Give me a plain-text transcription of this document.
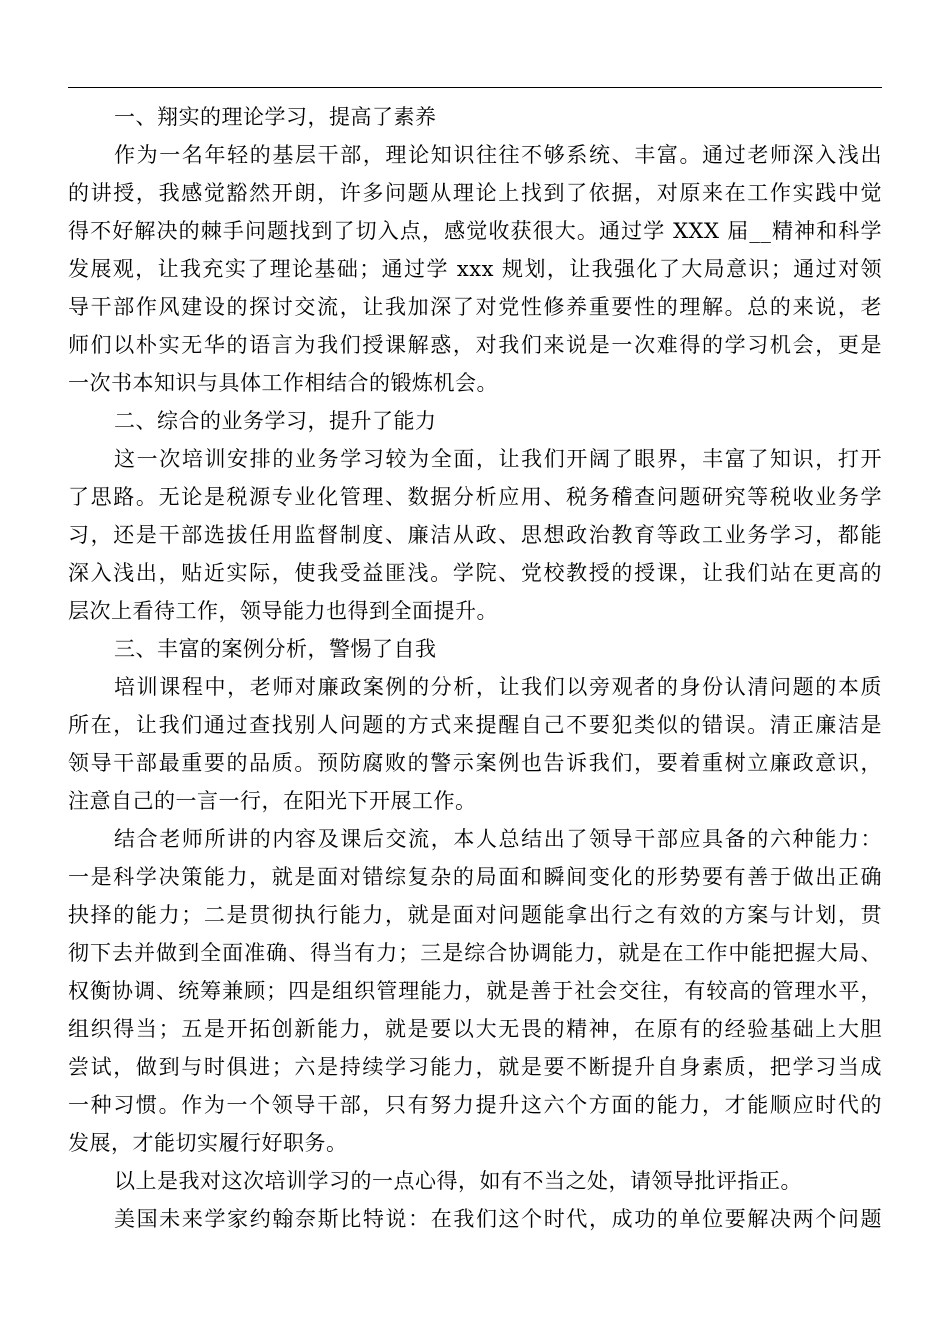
一、翔实的理论学习，提高了素养
作为一名年轻的基层干部，理论知识往往不够系统、丰富。通过老师深入浅出
的讲授，我感觉豁然开朗，许多问题从理论上找到了依据，对原来在工作实践中觉
得不好解决的棘手问题找到了切入点，感觉收获很大。通过学 XXX 届__精神和科学
发展观，让我充实了理论基础；通过学 xxx 规划，让我强化了大局意识；通过对领
导干部作风建设的探讨交流，让我加深了对党性修养重要性的理解。总的来说，老
师们以朴实无华的语言为我们授课解惑，对我们来说是一次难得的学习机会，更是
一次书本知识与具体工作相结合的锻炼机会。
二、综合的业务学习，提升了能力
这一次培训安排的业务学习较为全面，让我们开阔了眼界，丰富了知识，打开
了思路。无论是税源专业化管理、数据分析应用、税务稽查问题研究等税收业务学
习，还是干部选拔任用监督制度、廉洁从政、思想政治教育等政工业务学习，都能
深入浅出，贴近实际，使我受益匪浅。学院、党校教授的授课，让我们站在更高的
层次上看待工作，领导能力也得到全面提升。
三、丰富的案例分析，警惕了自我
培训课程中，老师对廉政案例的分析，让我们以旁观者的身份认清问题的本质
所在，让我们通过查找别人问题的方式来提醒自己不要犯类似的错误。清正廉洁是
领导干部最重要的品质。预防腐败的警示案例也告诉我们，要着重树立廉政意识，
注意自己的一言一行，在阳光下开展工作。
结合老师所讲的内容及课后交流，本人总结出了领导干部应具备的六种能力：
一是科学决策能力，就是面对错综复杂的局面和瞬间变化的形势要有善于做出正确
抉择的能力；二是贯彻执行能力，就是面对问题能拿出行之有效的方案与计划，贯
彻下去并做到全面准确、得当有力；三是综合协调能力，就是在工作中能把握大局、
权衡协调、统筹兼顾；四是组织管理能力，就是善于社会交往，有较高的管理水平，
组织得当；五是开拓创新能力，就是要以大无畏的精神，在原有的经验基础上大胆
尝试，做到与时俱进；六是持续学习能力，就是要不断提升自身素质，把学习当成
一种习惯。作为一个领导干部，只有努力提升这六个方面的能力，才能顺应时代的
发展，才能切实履行好职务。
以上是我对这次培训学习的一点心得，如有不当之处，请领导批评指正。
美国未来学家约翰奈斯比特说：在我们这个时代，成功的单位要解决两个问题
